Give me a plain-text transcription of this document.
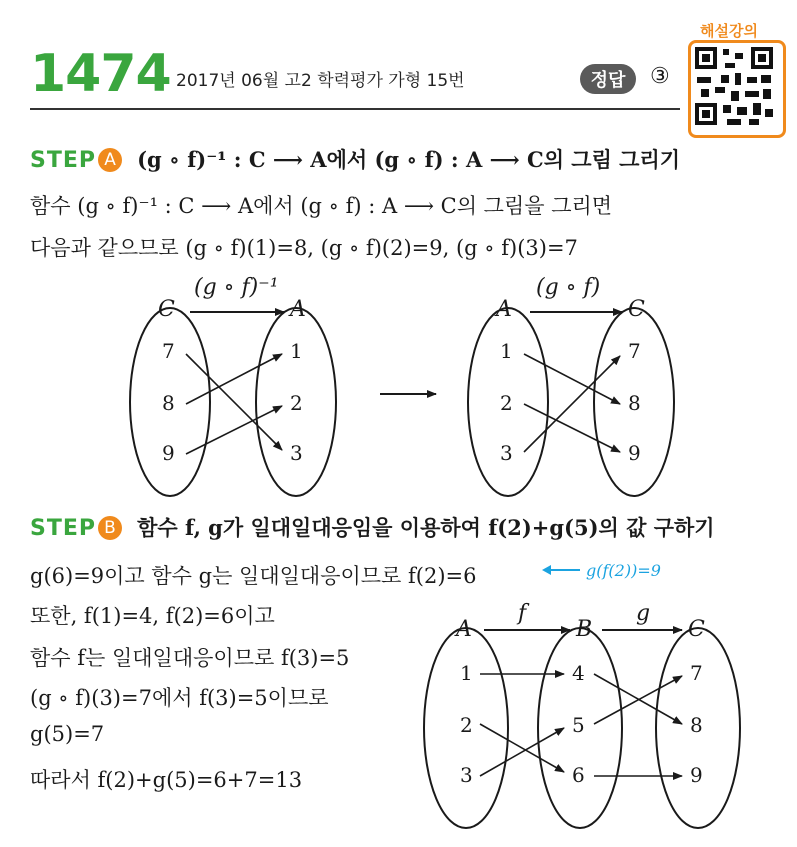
1474 2017년 06월 고2 학력평가 가형 15번	정답	③
해설강의
STEP A (g ∘ f)⁻¹ : C ⟶ A에서 (g ∘ f) : A ⟶ C의 그림 그리기
함수 (g ∘ f)⁻¹ : C ⟶ A에서 (g ∘ f) : A ⟶ C의 그림을 그리면
다음과 같으므로 (g ∘ f)(1)=8, (g ∘ f)(2)=9, (g ∘ f)(3)=7
(g ∘ f)⁻¹
C	A
7
8
9
1
2
3
(g ∘ f)
A	C
1
2
3
7
8
9
STEP B 함수 f, g가 일대일대응임을 이용하여 f(2)+g(5)의 값 구하기
g(6)=9이고 함수 g는 일대일대응이므로 f(2)=6	g(f(2))=9
또한, f(1)=4, f(2)=6이고
함수 f는 일대일대응이므로 f(3)=5
(g ∘ f)(3)=7에서 f(3)=5이므로
g(5)=7
따라서 f(2)+g(5)=6+7=13
A	B	C
f	g
1
2
3
4
5
6
7
8
9
